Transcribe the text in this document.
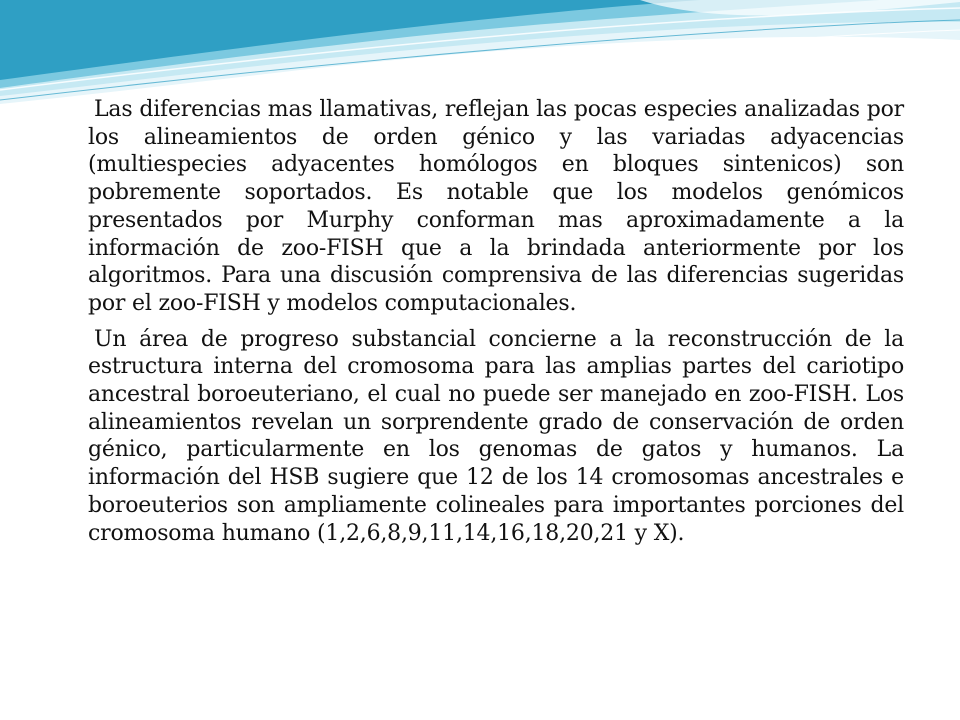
Las diferencias mas llamativas, reflejan las pocas especies analizadas por los alineamientos de orden génico y las variadas adyacencias (multiespecies adyacentes homólogos en bloques sintenicos) son pobremente soportados. Es notable que los modelos genómicos presentados por Murphy conforman mas aproximadamente a la información de zoo-FISH que a la brindada anteriormente por los algoritmos. Para una discusión comprensiva de las diferencias sugeridas por el zoo-FISH y modelos computacionales.

Un área de progreso substancial concierne a la reconstrucción de la estructura interna del cromosoma para las amplias partes del cariotipo ancestral boroeuteriano, el cual no puede ser manejado en zoo-FISH. Los alineamientos revelan un sorprendente grado de conservación de orden génico, particularmente en los genomas de gatos y humanos. La información del HSB sugiere que 12 de los 14 cromosomas ancestrales e boroeuterios son ampliamente colineales para importantes porciones del cromosoma humano (1,2,6,8,9,11,14,16,18,20,21 y X).
